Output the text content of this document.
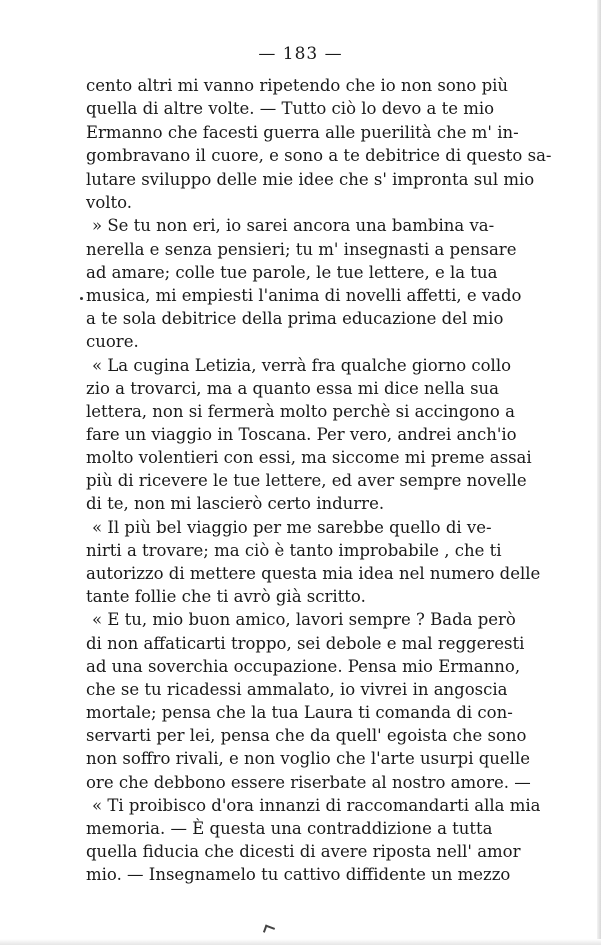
— 183 —
cento altri mi vanno ripetendo che io non sono più
quella di altre volte. — Tutto ciò lo devo a te mio
Ermanno che facesti guerra alle puerilità che m' in-
gombravano il cuore, e sono a te debitrice di questo sa-
lutare sviluppo delle mie idee che s' impronta sul mio
volto.
» Se tu non eri, io sarei ancora una bambina va-
nerella e senza pensieri; tu m' insegnasti a pensare
ad amare; colle tue parole, le tue lettere, e la tua
musica, mi empiesti l'anima di novelli affetti, e vado
a te sola debitrice della prima educazione del mio
cuore.
« La cugina Letizia, verrà fra qualche giorno collo
zio a trovarci, ma a quanto essa mi dice nella sua
lettera, non si fermerà molto perchè si accingono a
fare un viaggio in Toscana. Per vero, andrei anch'io
molto volentieri con essi, ma siccome mi preme assai
più di ricevere le tue lettere, ed aver sempre novelle
di te, non mi lascierò certo indurre.
« Il più bel viaggio per me sarebbe quello di ve-
nirti a trovare; ma ciò è tanto improbabile , che ti
autorizzo di mettere questa mia idea nel numero delle
tante follie che ti avrò già scritto.
« E tu, mio buon amico, lavori sempre ? Bada però
di non affaticarti troppo, sei debole e mal reggeresti
ad una soverchia occupazione. Pensa mio Ermanno,
che se tu ricadessi ammalato, io vivrei in angoscia
mortale; pensa che la tua Laura ti comanda di con-
servarti per lei, pensa che da quell' egoista che sono
non soffro rivali, e non voglio che l'arte usurpi quelle
ore che debbono essere riserbate al nostro amore. —
« Ti proibisco d'ora innanzi di raccomandarti alla mia
memoria. — È questa una contraddizione a tutta
quella fiducia che dicesti di avere riposta nell' amor
mio. — Insegnamelo tu cattivo diffidente un mezzo
